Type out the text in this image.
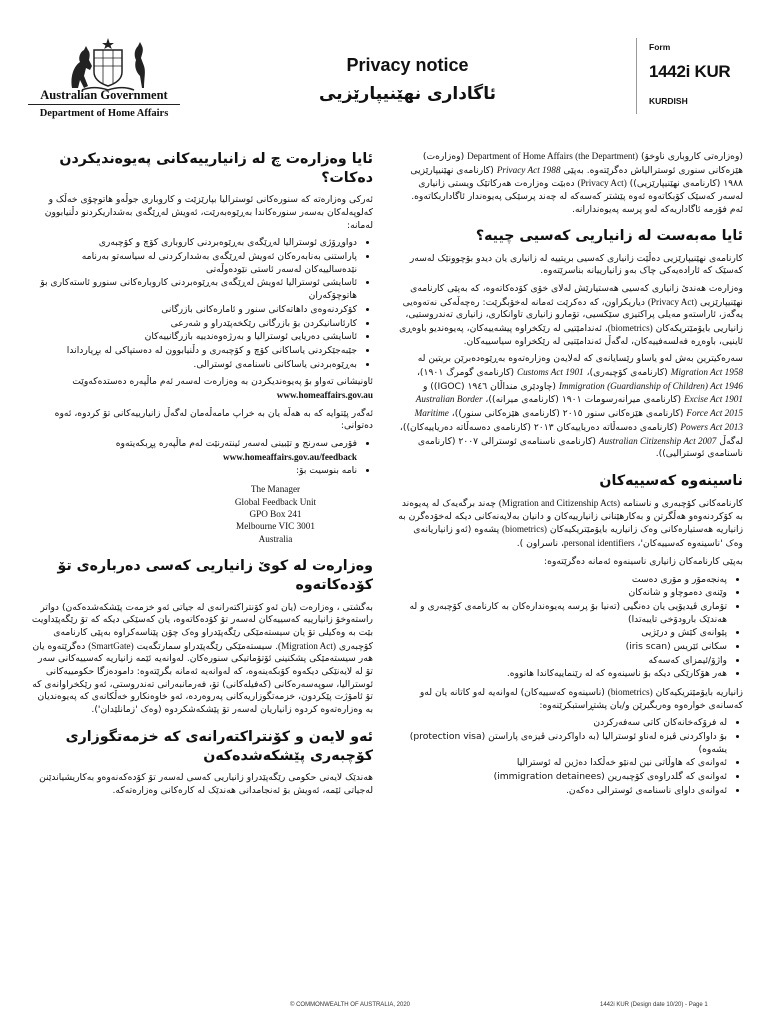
Australian Government
Department of Home Affairs
Privacy notice
ئاگاداری نهێنیپارێزیی
Form
1442i KUR
KURDISH

(وەزارەتی کاروباری ناوخۆ) Department of Home Affairs (the Department) (وەزارەت) هێزەکانی سنوری ئوسترالیاش دەگرێتەوە. بەپێی Privacy Act 1988 (کارنامەی نهێنیپارێزیی ١٩٨٨ (کارنامەی نهێنیپارێزیی)) (Privacy Act) دەبێت وەزارەت هەرکاتێک ویستی زانیاری لەسەر کەسێک کۆبکاتەوە ئەوە پێشتر کەسەکە لە چەند پرسێکی پەیوەندار ئاگاداربکاتەوە. ئەم فۆرمە ئاگاداریەکە لەو پرسە پەیوەندارانە.

ئایا مەبەست لە زانیاریی کەسیی چییە؟

کارنامەی نهێنیپارێزیی دەڵێت زانیاری کەسیی بریتییە لە زانیاری یان دیدو بۆچوونێک لەسەر کەسێک کە ئارادەیەکی چاک بەو زانیارییانە بناسرێتەوە.

وەزارەت هەندێ زانیاری کەسیی هەستیارێش لەلای خۆی کۆدەکاتەوە، کە بەپێی کارنامەی نهێنیپارێزیی (Privacy Act) دیاریکراون، کە دەکرێت ئەمانە لەخۆبگرێت: رەچەڵەکی نەتەوەیی یەگەز، ئاراستەو مەیلی پراکتیزی سێکسیی، تۆمارو زانیاری تاوانکاری، زانیاری تەندروستیی، زانیاریی بایۆمێتریکەکان (biometrics)، ئەندامێتیی لە رێکخراوە پیشەییەکان، پەیوەندیو باوەڕی ئاینیی، باوەڕە فەلسەفییەکان، لەگەڵ ئەندامێتیی لە رێکخراوە سیاسییەکان.

سەرەکیترین بەش لەو یاساو رێسایانەی کە لەلایەن وەزارەتەوە بەڕێوەدەبرێن بریتین لە Migration Act 1958 (کارنامەی کۆچبەری)، Customs Act 1901 (کارنامەی گومرگ ١٩٠١)، Immigration (Guardianship of Children) Act 1946 (چاودێری منداڵان ١٩٤٦ (IGOC)) و Excise Act 1901 (کارنامەی میرانەرسومات ١٩٠١ (کارنامەی میرانە))، Australian Border Force Act 2015 (کارنامەی هێزەکانی سنور ٢٠١٥ (کارنامەی هێزەکانی سنور))، Maritime Powers Act 2013 (کارنامەی دەسەڵاتە دەریاییەکان ٢٠١٣ (کارنامەی دەسەڵاتە دەریاییەکان))، لەگەڵ Australian Citizenship Act 2007 (کارنامەی ناسنامەی ئوسترالی ٢٠٠٧ (کارنامەی ناسنامەی ئوسترالیی)).

ناسینەوە کەسییەکان

کارنامەکانی کۆچبەری و ناسنامە (Migration and Citizenship Acts) چەند برگەیەک لە پەیوەند بە کۆکردنەوەو هەڵگرتن و بەکارهێنانی زانیارییەکان و دانیان بەلایەنەکانی دیکە لەخۆدەگرن بە زانیاریە هەستیارەکانی وەک زانیاریە بایۆمێتریکیەکان (biometrics) پشەوە (ئەو زانیاریانەی وەک 'ناسینەوە کەسییەکان'، personal identifiers، ناسراون ).

بەپێی کارنامەکان زانیاری ناسینەوە ئەمانە دەگرێتەوە:

• پەنجەمۆر و مۆری دەست
• وێنەی دەموچاو و شانەکان
• تۆماری ڤیدیۆیی یان دەنگیی (تەنیا بۆ پرسە پەیوەندارەکان بە کارنامەی کۆچبەری و لە هەندێک بارودۆخی تایبەتدا)
• پێوانەی کێش و درێژیی
• سکانی ئێریس (iris scan)
• واژۆ/ئیمزای کەسەکە
• هەر هۆکارێکی دیکە بۆ ناسینەوە کە لە رێنماییەکاندا هاتووە.

زانیاریە بایۆمێتریکیەکان (biometrics) (ناسینەوە کەسییەکان) لەوانەیە لەو کاتانە یان لەو کەسانەی خوارەوە وەربگیرێن و/یان پشتڕاستبکرێنەوە:

• لە فرۆکەخانەکان کاتی سەفەرکردن
• بۆ داواکردنی ڤیزە لەناو ئوسترالیا (بە داواکردنی ڤیزەی پاراستن (protection visa) یشەوە)
• ئەوانەی کە هاوڵاتی نین لەنێو خەڵکدا دەژین لە ئوسترالیا
• ئەوانەی کە گلدراوەی کۆچبەرین (immigration detainees)
• ئەوانەی داوای ناسنامەی ئوسترالی دەکەن.
ئایا وەزارەت چ لە زانیارییەکانی پەیوەندیکردن دەکات؟

ئەرکی وەزارەتە کە سنورەکانی ئوسترالیا بپارێزێت و کاروباری جوڵەو هاتوچۆی خەڵک و کەلوپەلەکان بەسەر سنورەکاندا بەڕێوەبەرێت، ئەویش لەڕێگەی بەشداریکردنو دڵنیابوون لەمانە:

• دواوڕۆژی ئوسترالیا لەڕێگەی بەڕێوەبردنی کاروباری کۆچ و کۆچبەری
• پاراستنی بەنابەرەکان ئەویش لەڕێگەی بەشدارکردنی لە سیاسەتو بەرنامە نێدەسالییەکان لەسەر ئاستی نێودەوڵەتی
• ئاسایشی ئوسترالیا ئەویش لەڕێگەی بەڕێوەبردنی کاروبارەکانی سنورو ئاستەکاری بۆ هاتوچۆکەران
• کۆکردنەوەی داهاتەکانی سنور و ئامارەکانی بازرگانی
• کارئاسانیکردن بۆ بازرگانی رێکخەپێدراو و شەرعی
• ئاسایشی دەریایی ئوسترالیا و بەرژەوەندییە بازرگانییەکان
• جێبەجێکردنی یاساکانی کۆچ و کۆچبەری و دڵنیابوون لە دەستپاکی لە بڕیارداندا
• بەڕێوەبردنی یاساکانی ناسنامەی ئوسترالی.

ئاونیشانی تەواو بۆ پەیوەندیکردن بە وەزارەت لەسەر ئەم ماڵپەرە دەستدەکەوێت
www.homeaffairs.gov.au

ئەگەر پێتوایە کە بە هەڵە یان بە خراپ مامەڵەمان لەگەڵ زانیارییەکانی تۆ کردوە، ئەوە دەتوانی:

• فۆرمی سەرنج و تێبینی لەسەر ئینتەرنێت لەم ماڵپەرە پڕبکەیتەوە
www.homeaffairs.gov.au/feedback
• نامە بنوسیت بۆ:
The Manager
Global Feedback Unit
GPO Box 241
Melbourne VIC 3001
Australia
وەزارەت لە کوێ زانیاریی کەسی دەربارەی تۆ کۆدەکاتەوە

بەگشتی ، وەزارەت (یان ئەو کۆنتراکتەرانەی لە جیاتی ئەو خزمەت پێشکەشدەکەن) دواتر راستەوخۆ زانیارییە کەسییەکان لەسەر تۆ کۆدەکاتەوە، یان کەسێکی دیکە کە تۆ رێگەپێداویت بێت بە وەکیلی تۆ یان سیستەمێکی رێگەپێدراو وەک چۆن پێناسەکراوە بەپێی کارنامەی کۆچبەری (Migration Act). سیستەمێکی رێگەپێدراو سمارتگەیت (SmartGate) دەگرێتەوە یان هەر سیستەمێکی پشکنینی ئۆتۆماتیکی سنورەکان. لەوانەیە ئێمە زانیاریە کەسییەکانی سەر تۆ لە لایەنێکی دیکەوە کۆبکەینەوە، کە لەوانەیە ئەمانە بگرێتەوە: دامودەزگا حکومییەکانی ئوسترالیا، سوپەسەرەکانی (کەفیلەکانی) تۆ، فەرمانبەرانی تەندروستی، ئەو رێکخراوانەی کە تۆ ئامۆژت پێکردون، خزمەتگوزاریەکانی پەروەردە، ئەو خاوەنکارو خەڵکانەی کە پەیوەندیان بە وەزارەتەوە کردوە زانیاریان لەسەر تۆ پێشکەشکردوە (وەک 'زمانلێدان').

ئەو لایەن و کۆنتراکتەرانەی کە خزمەتگوزاری کۆچبەری پێشکەشدەکەن

هەندێک لایەنی حکومی رێگەپێدراو زانیاریی کەسی لەسەر تۆ کۆدەکەنەوەو بەکاریشیاندێنن لەجیاتی ئێمە، ئەویش بۆ ئەنجامدانی هەندێک لە کارەکانی وەزارەتەکە.

© COMMONWEALTH OF AUSTRALIA, 2020	1442i KUR (Design date 10/20) - Page 1
